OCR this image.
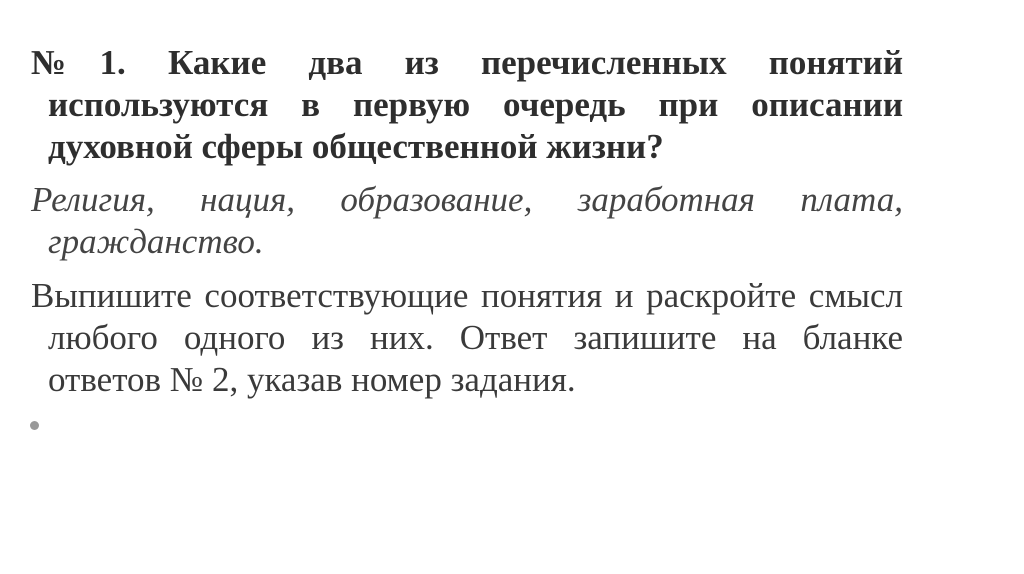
№1. Какие два из перечисленных понятий используются в первую очередь при описании духовной сферы общественной жизни?

Религия, нация, образование, заработная плата, гражданство.

Выпишите соответствующие понятия и раскройте смысл любого одного из них. Ответ запишите на бланке ответов № 2, указав номер задания.
